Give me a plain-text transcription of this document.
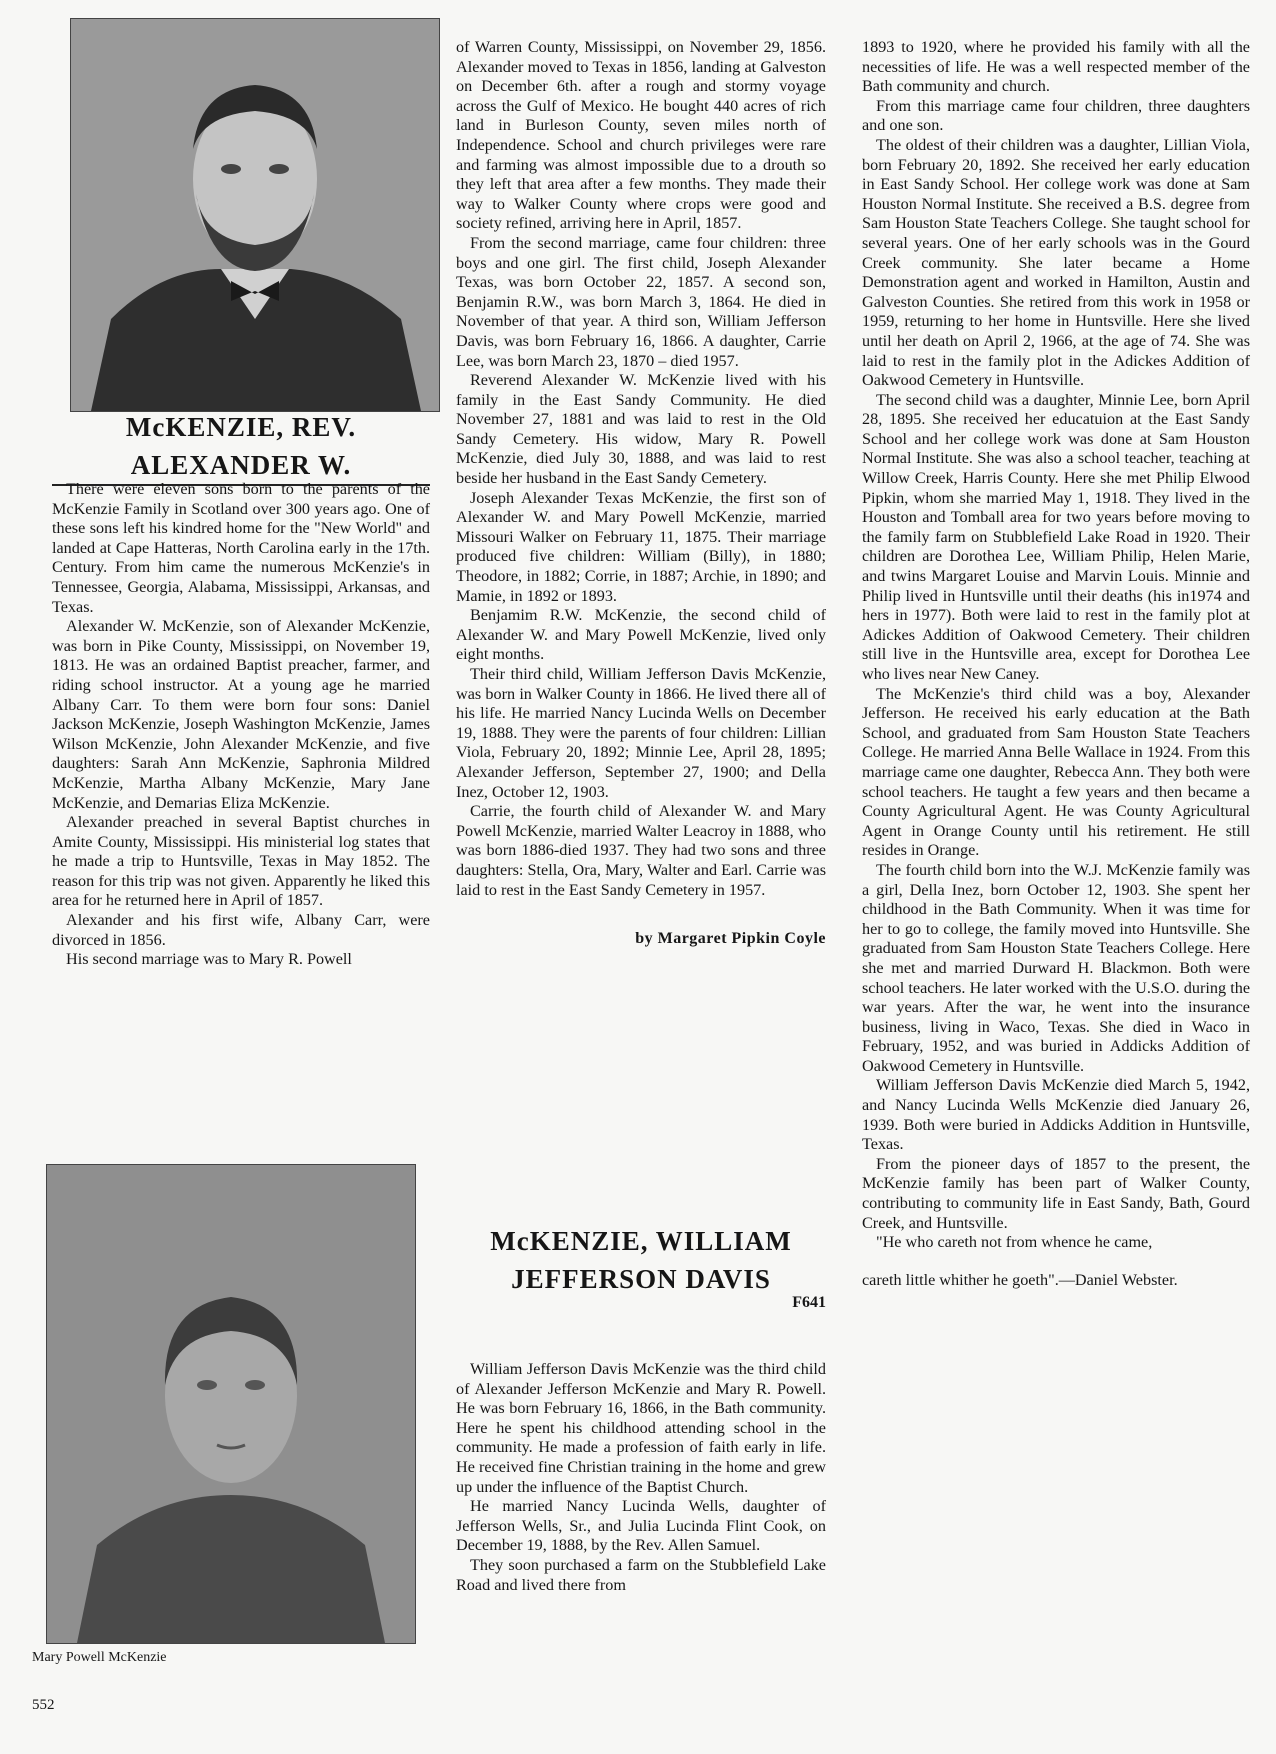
McKENZIE, REV.
ALEXANDER W.

There were eleven sons born to the parents of the McKenzie Family in Scotland over 300 years ago. One of these sons left his kindred home for the "New World" and landed at Cape Hatteras, North Carolina early in the 17th. Century. From him came the numerous McKenzie's in Tennessee, Georgia, Alabama, Mississippi, Arkansas, and Texas.

Alexander W. McKenzie, son of Alexander McKenzie, was born in Pike County, Mississippi, on November 19, 1813. He was an ordained Baptist preacher, farmer, and riding school instructor. At a young age he married Albany Carr. To them were born four sons: Daniel Jackson McKenzie, Joseph Washington McKenzie, James Wilson McKenzie, John Alexander McKenzie, and five daughters: Sarah Ann McKenzie, Saphronia Mildred McKenzie, Martha Albany McKenzie, Mary Jane McKenzie, and Demarias Eliza McKenzie.

Alexander preached in several Baptist churches in Amite County, Mississippi. His ministerial log states that he made a trip to Huntsville, Texas in May 1852. The reason for this trip was not given. Apparently he liked this area for he returned here in April of 1857.

Alexander and his first wife, Albany Carr, were divorced in 1856.

His second marriage was to Mary R. Powell

of Warren County, Mississippi, on November 29, 1856. Alexander moved to Texas in 1856, landing at Galveston on December 6th. after a rough and stormy voyage across the Gulf of Mexico. He bought 440 acres of rich land in Burleson County, seven miles north of Independence. School and church privileges were rare and farming was almost impossible due to a drouth so they left that area after a few months. They made their way to Walker County where crops were good and society refined, arriving here in April, 1857.

From the second marriage, came four children: three boys and one girl. The first child, Joseph Alexander Texas, was born October 22, 1857. A second son, Benjamin R.W., was born March 3, 1864. He died in November of that year. A third son, William Jefferson Davis, was born February 16, 1866. A daughter, Carrie Lee, was born March 23, 1870 – died 1957.

Reverend Alexander W. McKenzie lived with his family in the East Sandy Community. He died November 27, 1881 and was laid to rest in the Old Sandy Cemetery. His widow, Mary R. Powell McKenzie, died July 30, 1888, and was laid to rest beside her husband in the East Sandy Cemetery.

Joseph Alexander Texas McKenzie, the first son of Alexander W. and Mary Powell McKenzie, married Missouri Walker on February 11, 1875. Their marriage produced five children: William (Billy), in 1880; Theodore, in 1882; Corrie, in 1887; Archie, in 1890; and Mamie, in 1892 or 1893.

Benjamim R.W. McKenzie, the second child of Alexander W. and Mary Powell McKenzie, lived only eight months.

Their third child, William Jefferson Davis McKenzie, was born in Walker County in 1866. He lived there all of his life. He married Nancy Lucinda Wells on December 19, 1888. They were the parents of four children: Lillian Viola, February 20, 1892; Minnie Lee, April 28, 1895; Alexander Jefferson, September 27, 1900; and Della Inez, October 12, 1903.

Carrie, the fourth child of Alexander W. and Mary Powell McKenzie, married Walter Leacroy in 1888, who was born 1886-died 1937. They had two sons and three daughters: Stella, Ora, Mary, Walter and Earl. Carrie was laid to rest in the East Sandy Cemetery in 1957.

by Margaret Pipkin Coyle

McKENZIE, WILLIAM
JEFFERSON DAVIS
F641

William Jefferson Davis McKenzie was the third child of Alexander Jefferson McKenzie and Mary R. Powell. He was born February 16, 1866, in the Bath community. Here he spent his childhood attending school in the community. He made a profession of faith early in life. He received fine Christian training in the home and grew up under the influence of the Baptist Church.

He married Nancy Lucinda Wells, daughter of Jefferson Wells, Sr., and Julia Lucinda Flint Cook, on December 19, 1888, by the Rev. Allen Samuel.

They soon purchased a farm on the Stubblefield Lake Road and lived there from

1893 to 1920, where he provided his family with all the necessities of life. He was a well respected member of the Bath community and church.

From this marriage came four children, three daughters and one son.

The oldest of their children was a daughter, Lillian Viola, born February 20, 1892. She received her early education in East Sandy School. Her college work was done at Sam Houston Normal Institute. She received a B.S. degree from Sam Houston State Teachers College. She taught school for several years. One of her early schools was in the Gourd Creek community. She later became a Home Demonstration agent and worked in Hamilton, Austin and Galveston Counties. She retired from this work in 1958 or 1959, returning to her home in Huntsville. Here she lived until her death on April 2, 1966, at the age of 74. She was laid to rest in the family plot in the Adickes Addition of Oakwood Cemetery in Huntsville.

The second child was a daughter, Minnie Lee, born April 28, 1895. She received her educatuion at the East Sandy School and her college work was done at Sam Houston Normal Institute. She was also a school teacher, teaching at Willow Creek, Harris County. Here she met Philip Elwood Pipkin, whom she married May 1, 1918. They lived in the Houston and Tomball area for two years before moving to the family farm on Stubblefield Lake Road in 1920. Their children are Dorothea Lee, William Philip, Helen Marie, and twins Margaret Louise and Marvin Louis. Minnie and Philip lived in Huntsville until their deaths (his in1974 and hers in 1977). Both were laid to rest in the family plot at Adickes Addition of Oakwood Cemetery. Their children still live in the Huntsville area, except for Dorothea Lee who lives near New Caney.

The McKenzie's third child was a boy, Alexander Jefferson. He received his early education at the Bath School, and graduated from Sam Houston State Teachers College. He married Anna Belle Wallace in 1924. From this marriage came one daughter, Rebecca Ann. They both were school teachers. He taught a few years and then became a County Agricultural Agent. He was County Agricultural Agent in Orange County until his retirement. He still resides in Orange.

The fourth child born into the W.J. McKenzie family was a girl, Della Inez, born October 12, 1903. She spent her childhood in the Bath Community. When it was time for her to go to college, the family moved into Huntsville. She graduated from Sam Houston State Teachers College. Here she met and married Durward H. Blackmon. Both were school teachers. He later worked with the U.S.O. during the war years. After the war, he went into the insurance business, living in Waco, Texas. She died in Waco in February, 1952, and was buried in Addicks Addition of Oakwood Cemetery in Huntsville.

William Jefferson Davis McKenzie died March 5, 1942, and Nancy Lucinda Wells McKenzie died January 26, 1939. Both were buried in Addicks Addition in Huntsville, Texas.

From the pioneer days of 1857 to the present, the McKenzie family has been part of Walker County, contributing to community life in East Sandy, Bath, Gourd Creek, and Huntsville.

"He who careth not from whence he came,

careth little whither he goeth".—Daniel Webster.

Mary Powell McKenzie
552
